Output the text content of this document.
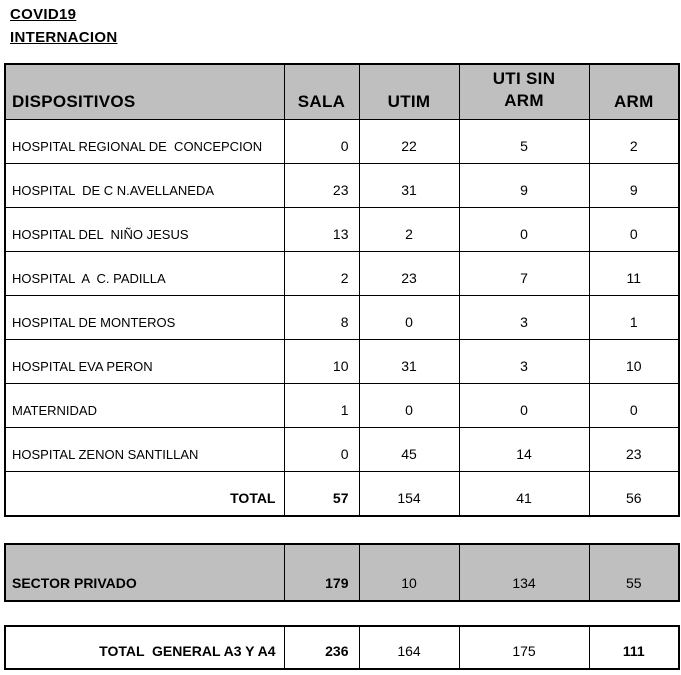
COVID19
INTERNACION
DISPOSITIVOS	SALA	UTIM	UTI SIN ARM	ARM
HOSPITAL REGIONAL DE  CONCEPCION	0	22	5	2
HOSPITAL  DE C N.AVELLANEDA	23	31	9	9
HOSPITAL DEL  NIÑO JESUS	13	2	0	0
HOSPITAL  A  C. PADILLA	2	23	7	11
HOSPITAL DE MONTEROS	8	0	3	1
HOSPITAL EVA PERON	10	31	3	10
MATERNIDAD	1	0	0	0
HOSPITAL ZENON SANTILLAN	0	45	14	23
TOTAL	57	154	41	56
SECTOR PRIVADO	179	10	134	55
TOTAL  GENERAL A3 Y A4	236	164	175	111
